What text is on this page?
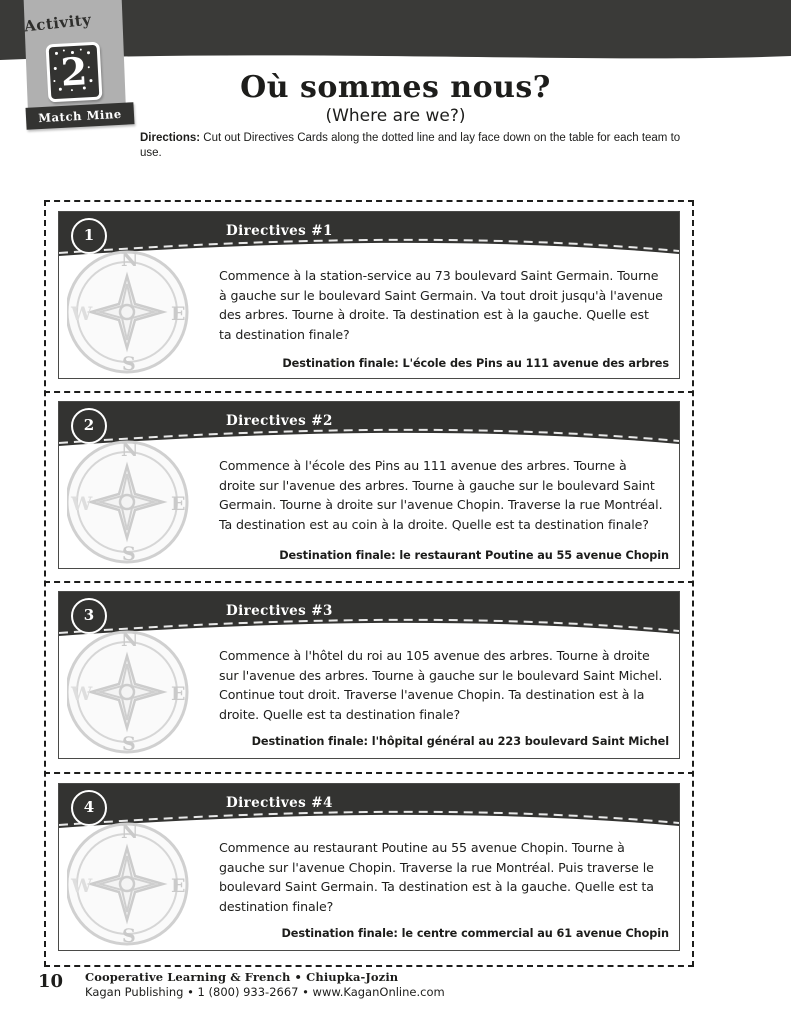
Activity
2
Match Mine
Où sommes nous?
(Where are we?)
Directions: Cut out Directives Cards along the dotted line and lay face down on the table for each team to use.
N
E
S
W
1	Directives #1
Commence à la station-service au 73 boulevard Saint Germain. Tourne à gauche sur le boulevard Saint Germain. Va tout droit jusqu'à l'avenue des arbres. Tourne à droite. Ta destination est à la gauche. Quelle est ta destination finale?
Destination finale: L'école des Pins au 111 avenue des arbres
N
E
S
W
2	Directives #2
Commence à l'école des Pins au 111 avenue des arbres. Tourne à droite sur l'avenue des arbres. Tourne à gauche sur le boulevard Saint Germain. Tourne à droite sur l'avenue Chopin. Traverse la rue Montréal. Ta destination est au coin à la droite. Quelle est ta destination finale?
Destination finale: le restaurant Poutine au 55 avenue Chopin
N
E
S
W
3	Directives #3
Commence à l'hôtel du roi au 105 avenue des arbres. Tourne à droite sur l'avenue des arbres. Tourne à gauche sur le boulevard Saint Michel. Continue tout droit. Traverse l'avenue Chopin. Ta destination est à la droite. Quelle est ta destination finale?
Destination finale: l'hôpital général au 223 boulevard Saint Michel
N
E
S
W
4	Directives #4
Commence au restaurant Poutine au 55 avenue Chopin. Tourne à gauche sur l'avenue Chopin. Traverse la rue Montréal. Puis traverse le boulevard Saint Germain. Ta destination est à la gauche. Quelle est ta destination finale?
Destination finale: le centre commercial au 61 avenue Chopin
10 Cooperative Learning & French • Chiupka-Jozin
Kagan Publishing • 1 (800) 933-2667 • www.KaganOnline.com
